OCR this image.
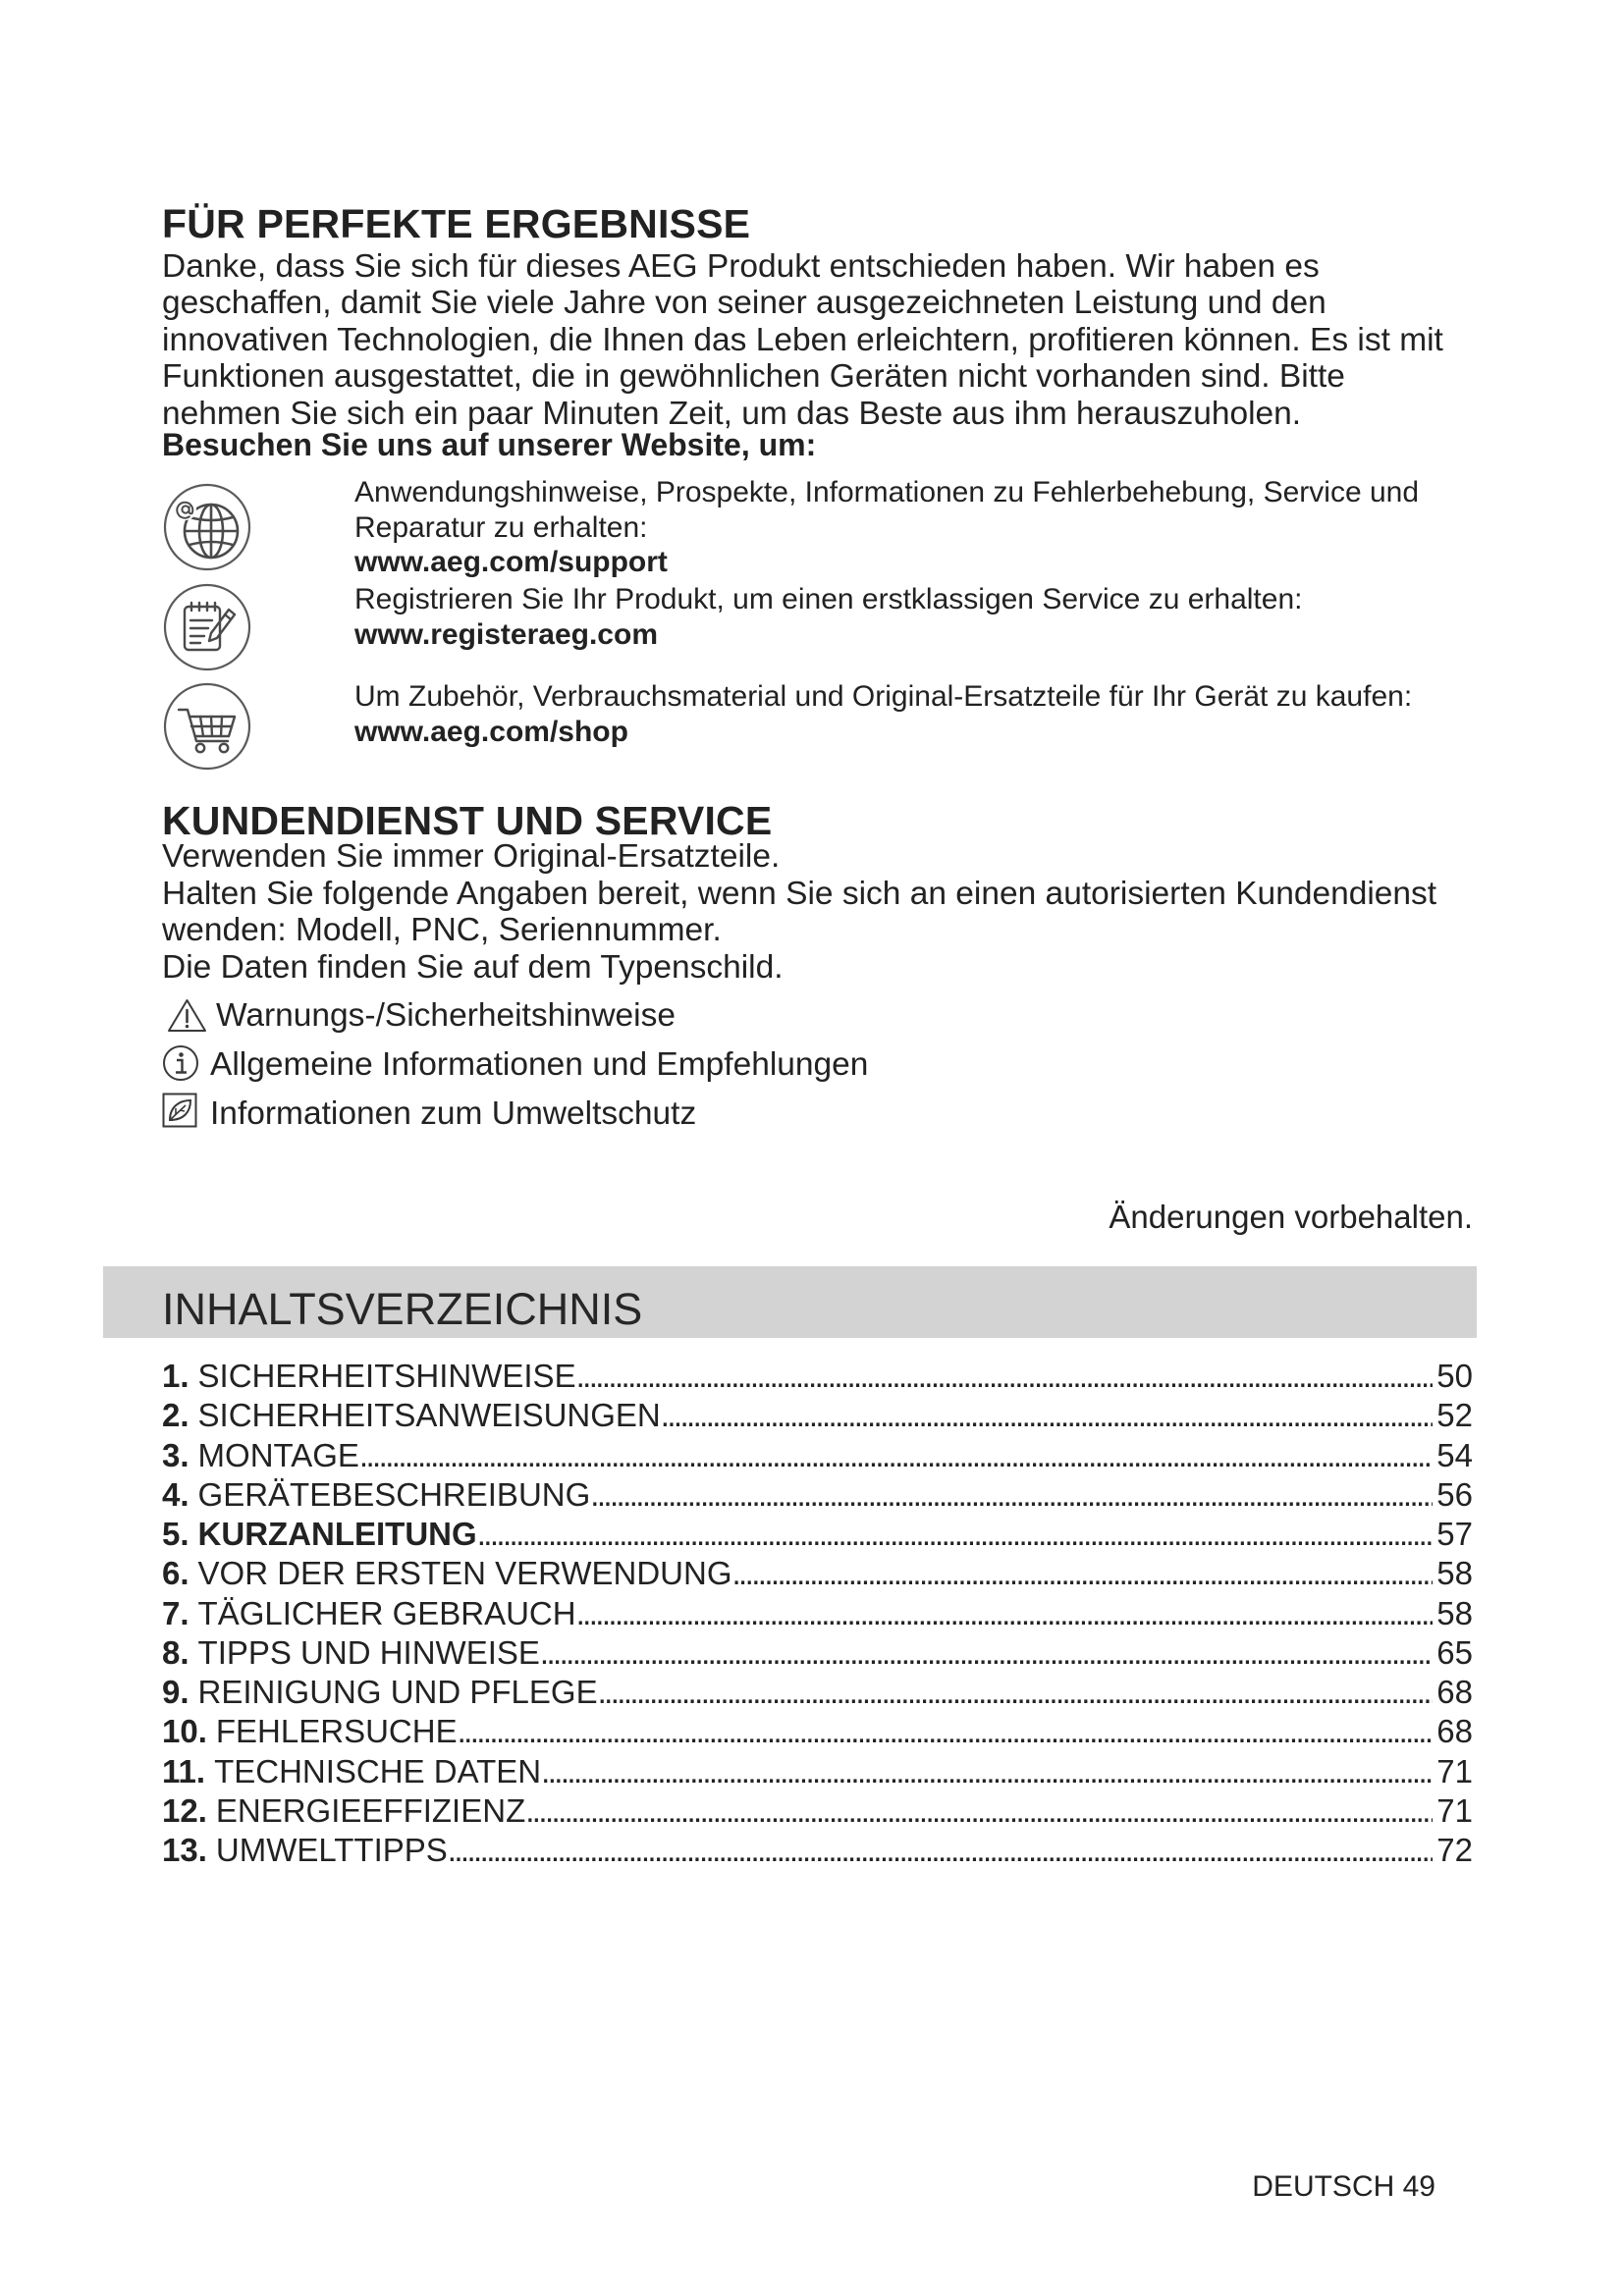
FÜR PERFEKTE ERGEBNISSE
Danke, dass Sie sich für dieses AEG Produkt entschieden haben. Wir haben es
geschaffen, damit Sie viele Jahre von seiner ausgezeichneten Leistung und den
innovativen Technologien, die Ihnen das Leben erleichtern, profitieren können. Es ist mit
Funktionen ausgestattet, die in gewöhnlichen Geräten nicht vorhanden sind. Bitte
nehmen Sie sich ein paar Minuten Zeit, um das Beste aus ihm herauszuholen.
Besuchen Sie uns auf unserer Website, um:
Anwendungshinweise, Prospekte, Informationen zu Fehlerbehebung, Service und
Reparatur zu erhalten:
www.aeg.com/support
Registrieren Sie Ihr Produkt, um einen erstklassigen Service zu erhalten:
www.registeraeg.com
Um Zubehör, Verbrauchsmaterial und Original-Ersatzteile für Ihr Gerät zu kaufen:
www.aeg.com/shop
KUNDENDIENST UND SERVICE
Verwenden Sie immer Original-Ersatzteile.
Halten Sie folgende Angaben bereit, wenn Sie sich an einen autorisierten Kundendienst
wenden: Modell, PNC, Seriennummer.
Die Daten finden Sie auf dem Typenschild.
Warnungs-/Sicherheitshinweise
Allgemeine Informationen und Empfehlungen
Informationen zum Umweltschutz
Änderungen vorbehalten.
INHALTSVERZEICHNIS
1. SICHERHEITSHINWEISE .....	50
2. SICHERHEITSANWEISUNGEN .....	52
3. MONTAGE .....	54
4. GERÄTEBESCHREIBUNG .....	56
5. KURZANLEITUNG .....	57
6. VOR DER ERSTEN VERWENDUNG .....	58
7. TÄGLICHER GEBRAUCH .....	58
8. TIPPS UND HINWEISE .....	65
9. REINIGUNG UND PFLEGE .....	68
10. FEHLERSUCHE .....	68
11. TECHNISCHE DATEN .....	71
12. ENERGIEEFFIZIENZ .....	71
13. UMWELTTIPPS .....	72
DEUTSCH 49
